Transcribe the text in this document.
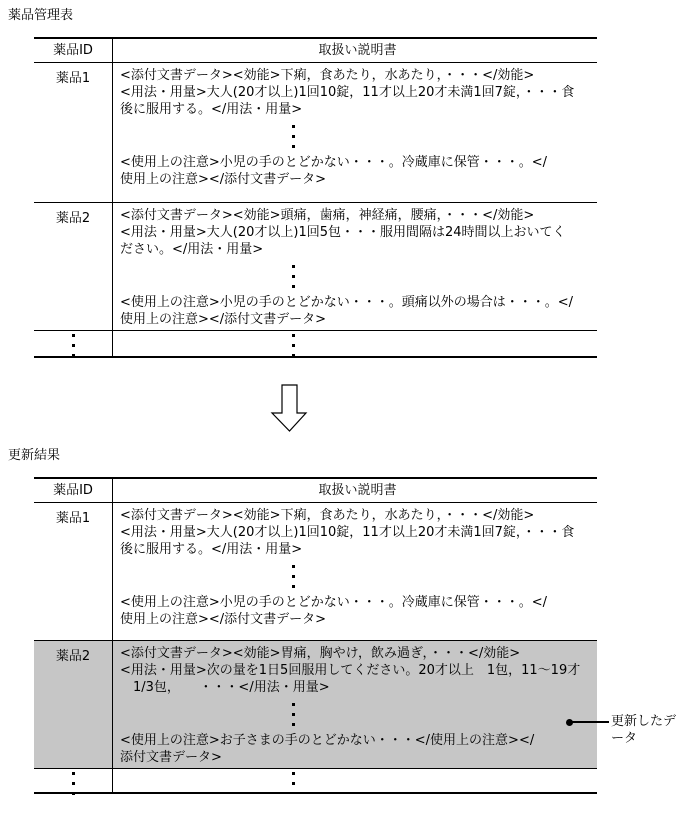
薬品管理表
薬品ID	取扱い説明書
薬品1	<添付文書データ><効能>下痢，食あたり，水あたり，・・・</効能>
<用法・用量>大人(20才以上)1回10錠，11才以上20才未満1回7錠，・・・食
後に服用する。</用法・用量>
<使用上の注意>小児の手のとどかない・・・。冷蔵庫に保管・・・。</
使用上の注意></添付文書データ>
薬品2	<添付文書データ><効能>頭痛，歯痛，神経痛，腰痛，・・・</効能>
<用法・用量>大人(20才以上)1回5包・・・服用間隔は24時間以上おいてく
ださい。</用法・用量>
<使用上の注意>小児の手のとどかない・・・。頭痛以外の場合は・・・。</
使用上の注意></添付文書データ>
更新結果
薬品ID	取扱い説明書
薬品1	<添付文書データ><効能>下痢，食あたり，水あたり，・・・</効能>
<用法・用量>大人(20才以上)1回10錠，11才以上20才未満1回7錠，・・・食
後に服用する。</用法・用量>
<使用上の注意>小児の手のとどかない・・・。冷蔵庫に保管・・・。</
使用上の注意></添付文書データ>
薬品2	<添付文書データ><効能>胃痛，胸やけ，飲み過ぎ，・・・</効能>
<用法・用量>次の量を1日5回服用してください。20才以上　1包，11～19才
　1/3包，　　・・・</用法・用量>
<使用上の注意>お子さまの手のとどかない・・・</使用上の注意></
添付文書データ>
更新したデータ
